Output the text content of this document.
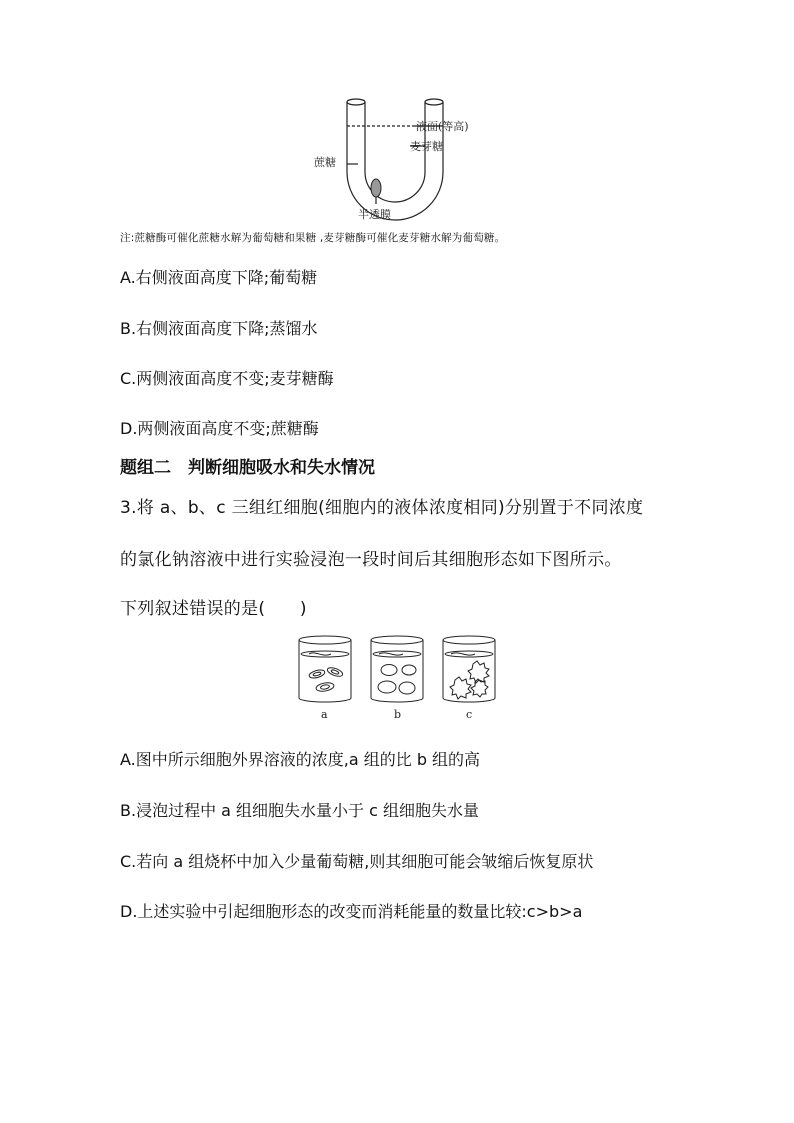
液面(等高)
麦芽糖
蔗糖
半透膜
注:蔗糖酶可催化蔗糖水解为葡萄糖和果糖 ,麦芽糖酶可催化麦芽糖水解为葡萄糖。
A.右侧液面高度下降;葡萄糖
B.右侧液面高度下降;蒸馏水
C.两侧液面高度不变;麦芽糖酶
D.两侧液面高度不变;蔗糖酶
题组二　判断细胞吸水和失水情况
3.将 a、b、c 三组红细胞(细胞内的液体浓度相同)分别置于不同浓度
的氯化钠溶液中进行实验浸泡一段时间后其细胞形态如下图所示。
下列叙述错误的是(　　)
a	b	c
A.图中所示细胞外界溶液的浓度,a 组的比 b 组的高
B.浸泡过程中 a 组细胞失水量小于 c 组细胞失水量
C.若向 a 组烧杯中加入少量葡萄糖,则其细胞可能会皱缩后恢复原状
D.上述实验中引起细胞形态的改变而消耗能量的数量比较:c>b>a
